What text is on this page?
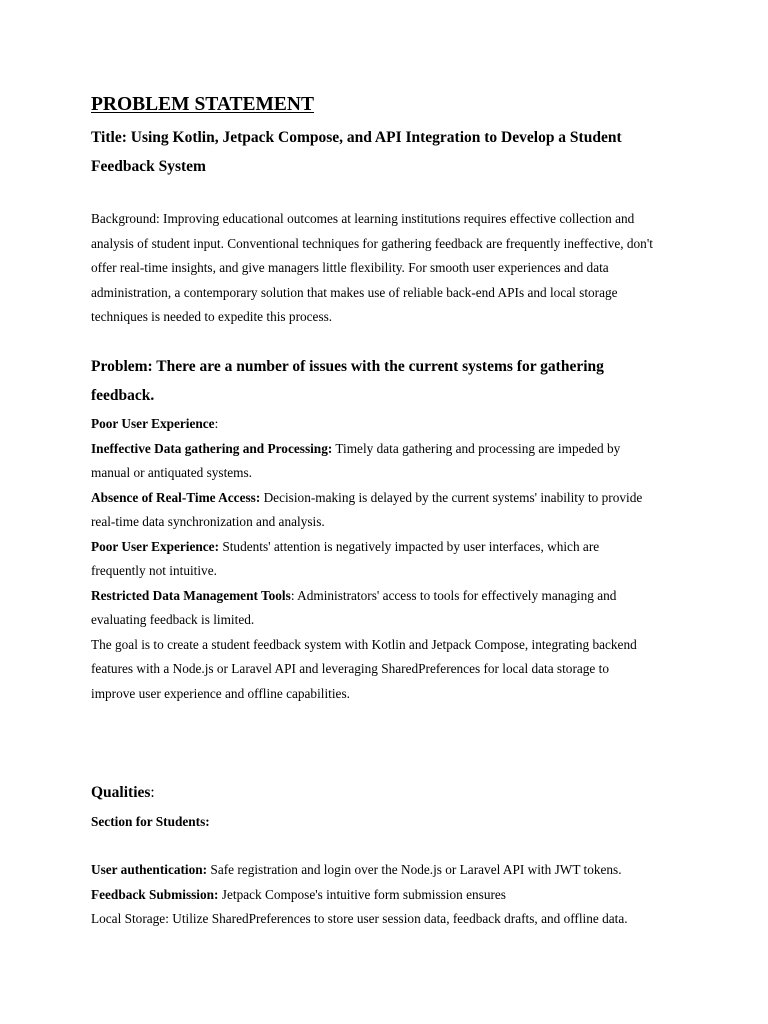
PROBLEM STATEMENT
Title: Using Kotlin, Jetpack Compose, and API Integration to Develop a Student
Feedback System
Background: Improving educational outcomes at learning institutions requires effective collection and
analysis of student input. Conventional techniques for gathering feedback are frequently ineffective, don't
offer real-time insights, and give managers little flexibility. For smooth user experiences and data
administration, a contemporary solution that makes use of reliable back-end APIs and local storage
techniques is needed to expedite this process.
Problem: There are a number of issues with the current systems for gathering
feedback.
Poor User Experience:
Ineffective Data gathering and Processing: Timely data gathering and processing are impeded by
manual or antiquated systems.
Absence of Real-Time Access: Decision-making is delayed by the current systems' inability to provide
real-time data synchronization and analysis.
Poor User Experience: Students' attention is negatively impacted by user interfaces, which are
frequently not intuitive.
Restricted Data Management Tools: Administrators' access to tools for effectively managing and
evaluating feedback is limited.
The goal is to create a student feedback system with Kotlin and Jetpack Compose, integrating backend
features with a Node.js or Laravel API and leveraging SharedPreferences for local data storage to
improve user experience and offline capabilities.
Qualities:
Section for Students:
User authentication: Safe registration and login over the Node.js or Laravel API with JWT tokens.
Feedback Submission: Jetpack Compose's intuitive form submission ensures
Local Storage: Utilize SharedPreferences to store user session data, feedback drafts, and offline data.
